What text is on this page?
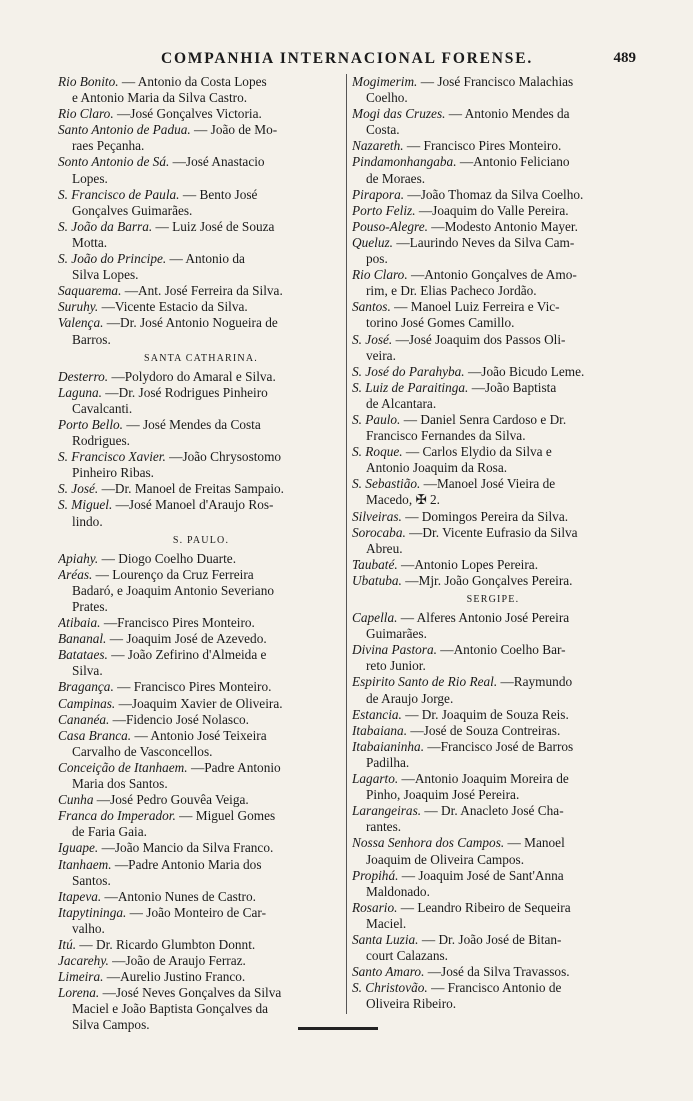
COMPANHIA INTERNACIONAL FORENSE.	489
Rio Bonito. — Antonio da Costa Lopes
e Antonio Maria da Silva Castro.
Rio Claro. —José Gonçalves Victoria.
Santo Antonio de Padua. — João de Mo-
raes Peçanha.
Sonto Antonio de Sá. —José Anastacio
Lopes.
S. Francisco de Paula. — Bento José
Gonçalves Guimarães.
S. João da Barra. — Luiz José de Souza
Motta.
S. João do Principe. — Antonio da
Silva Lopes.
Saquarema. —Ant. José Ferreira da Silva.
Suruhy. —Vicente Estacio da Silva.
Valença. —Dr. José Antonio Nogueira de
Barros.
SANTA CATHARINA.
Desterro. —Polydoro do Amaral e Silva.
Laguna. —Dr. José Rodrigues Pinheiro
Cavalcanti.
Porto Bello. — José Mendes da Costa
Rodrigues.
S. Francisco Xavier. —João Chrysostomo
Pinheiro Ribas.
S. José. —Dr. Manoel de Freitas Sampaio.
S. Miguel. —José Manoel d'Araujo Ros-
lindo.
S. PAULO.
Apiahy. — Diogo Coelho Duarte.
Aréas. — Lourenço da Cruz Ferreira
Badaró, e Joaquim Antonio Severiano
Prates.
Atibaia. —Francisco Pires Monteiro.
Bananal. — Joaquim José de Azevedo.
Batataes. — João Zefirino d'Almeida e
Silva.
Bragança. — Francisco Pires Monteiro.
Campinas. —Joaquim Xavier de Oliveira.
Cananéa. —Fidencio José Nolasco.
Casa Branca. — Antonio José Teixeira
Carvalho de Vasconcellos.
Conceição de Itanhaem. —Padre Antonio
Maria dos Santos.
Cunha —José Pedro Gouvêa Veiga.
Franca do Imperador. — Miguel Gomes
de Faria Gaia.
Iguape. —João Mancio da Silva Franco.
Itanhaem. —Padre Antonio Maria dos
Santos.
Itapeva. —Antonio Nunes de Castro.
Itapytininga. — João Monteiro de Car-
valho.
Itú. — Dr. Ricardo Glumbton Donnt.
Jacarehy. —João de Araujo Ferraz.
Limeira. —Aurelio Justino Franco.
Lorena. —José Neves Gonçalves da Silva
Maciel e João Baptista Gonçalves da
Silva Campos.
Mogimerim. — José Francisco Malachias
Coelho.
Mogi das Cruzes. — Antonio Mendes da
Costa.
Nazareth. — Francisco Pires Monteiro.
Pindamonhangaba. —Antonio Feliciano
de Moraes.
Pirapora. —João Thomaz da Silva Coelho.
Porto Feliz. —Joaquim do Valle Pereira.
Pouso-Alegre. —Modesto Antonio Mayer.
Queluz. —Laurindo Neves da Silva Cam-
pos.
Rio Claro. —Antonio Gonçalves de Amo-
rim, e Dr. Elias Pacheco Jordão.
Santos. — Manoel Luiz Ferreira e Vic-
torino José Gomes Camillo.
S. José. —José Joaquim dos Passos Oli-
veira.
S. José do Parahyba. —João Bicudo Leme.
S. Luiz de Paraitinga. —João Baptista
de Alcantara.
S. Paulo. — Daniel Senra Cardoso e Dr.
Francisco Fernandes da Silva.
S. Roque. — Carlos Elydio da Silva e
Antonio Joaquim da Rosa.
S. Sebastião. —Manoel José Vieira de
Macedo, ✠ 2.
Silveiras. — Domingos Pereira da Silva.
Sorocaba. —Dr. Vicente Eufrasio da Silva
Abreu.
Taubaté. —Antonio Lopes Pereira.
Ubatuba. —Mjr. João Gonçalves Pereira.
SERGIPE.
Capella. — Alferes Antonio José Pereira
Guimarães.
Divina Pastora. —Antonio Coelho Bar-
reto Junior.
Espirito Santo de Rio Real. —Raymundo
de Araujo Jorge.
Estancia. — Dr. Joaquim de Souza Reis.
Itabaiana. —José de Souza Contreiras.
Itabaianinha. —Francisco José de Barros
Padilha.
Lagarto. —Antonio Joaquim Moreira de
Pinho, Joaquim José Pereira.
Larangeiras. — Dr. Anacleto José Cha-
rantes.
Nossa Senhora dos Campos. — Manoel
Joaquim de Oliveira Campos.
Propihá. — Joaquim José de Sant'Anna
Maldonado.
Rosario. — Leandro Ribeiro de Sequeira
Maciel.
Santa Luzia. — Dr. João José de Bitan-
court Calazans.
Santo Amaro. —José da Silva Travassos.
S. Christovão. — Francisco Antonio de
Oliveira Ribeiro.
